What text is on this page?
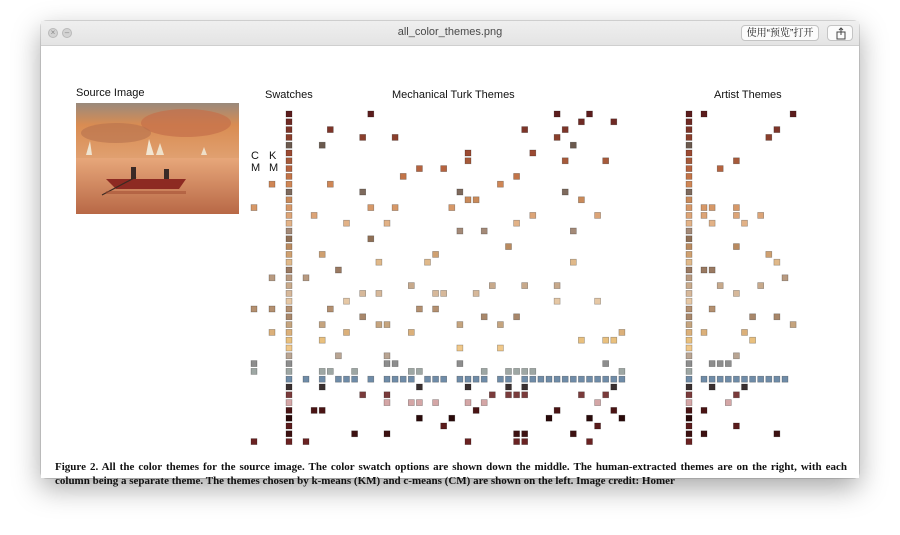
×	–	all_color_themes.png	使用“预览”打开
Source Image	Swatches	Mechanical Turk Themes	Artist Themes
C
M
K
M
Figure 2. All the color themes for the source image. The color swatch options are shown down the middle. The human-extracted themes are on the right, with each column being a separate theme. The themes chosen by k-means (KM) and c-means (CM) are shown on the left. Image credit: Homer
